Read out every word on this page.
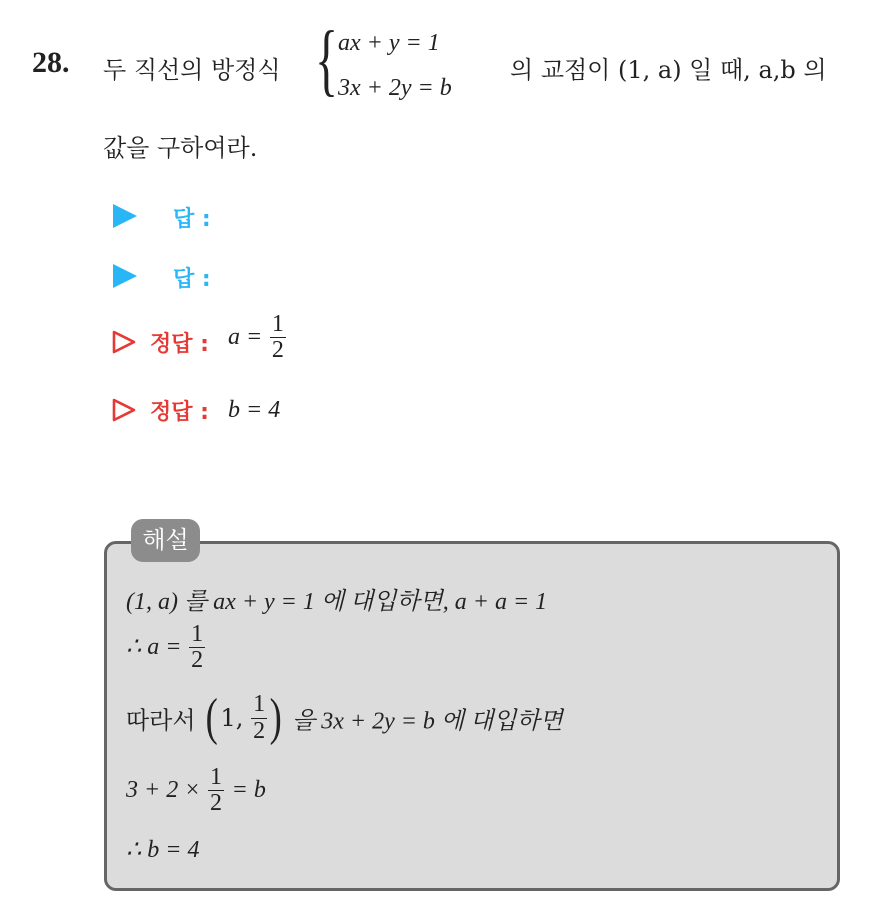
28. 두 직선의 방정식 { ax + y = 1
3x + 2y = b
의 교점이 (1, a) 일 때, a,b 의
값을 구하여라.
답 :
답 :
정답 : $a = \frac{1}{2}$
정답 : b = 4
해설
(1, a) 를 ax + y = 1 에 대입하면, a + a = 1
∴ $a = \frac{1}{2}$
따라서 ( 1, $\frac{1}{2}$ ) 을 3x + 2y = b 에 대입하면
$3 + 2 \times \frac{1}{2} = b$
∴ b = 4
